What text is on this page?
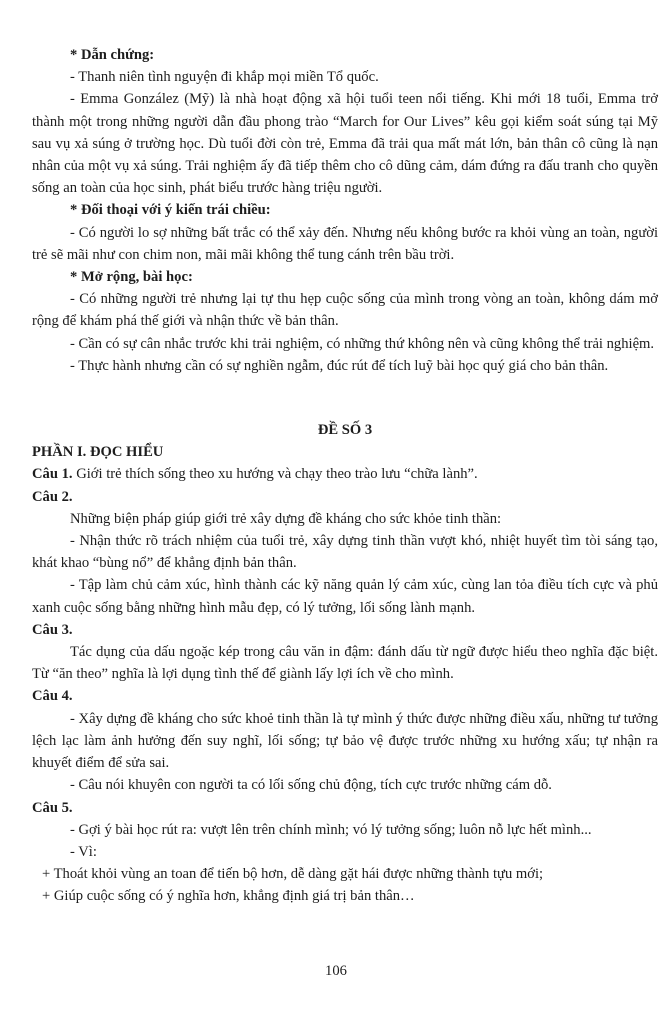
* Dẫn chứng:

- Thanh niên tình nguyện đi khắp mọi miền Tổ quốc.

- Emma González (Mỹ) là nhà hoạt động xã hội tuổi teen nổi tiếng. Khi mới 18 tuổi, Emma trở thành một trong những người dẫn đầu phong trào “March for Our Lives” kêu gọi kiểm soát súng tại Mỹ sau vụ xả súng ở trường học. Dù tuổi đời còn trẻ, Emma đã trải qua mất mát lớn, bản thân cô cũng là nạn nhân của một vụ xả súng. Trải nghiệm ấy đã tiếp thêm cho cô dũng cảm, dám đứng ra đấu tranh cho quyền sống an toàn của học sinh, phát biểu trước hàng triệu người.

* Đối thoại với ý kiến trái chiều:

- Có người lo sợ những bất trắc có thể xảy đến. Nhưng nếu không bước ra khỏi vùng an toàn, người trẻ sẽ mãi như con chim non, mãi mãi không thể tung cánh trên bầu trời.

* Mở rộng, bài học:

- Có những người trẻ nhưng lại tự thu hẹp cuộc sống của mình trong vòng an toàn, không dám mở rộng để khám phá thế giới và nhận thức về bản thân.

- Cần có sự cân nhắc trước khi trải nghiệm, có những thứ không nên và cũng không thể trải nghiệm.

- Thực hành nhưng cần có sự nghiền ngẫm, đúc rút để tích luỹ bài học quý giá cho bản thân.

ĐỀ SỐ 3

PHẦN I. ĐỌC HIỂU

Câu 1. Giới trẻ thích sống theo xu hướng và chạy theo trào lưu “chữa lành”.

Câu 2.

Những biện pháp giúp giới trẻ xây dựng đề kháng cho sức khỏe tinh thần:

- Nhận thức rõ trách nhiệm của tuổi trẻ, xây dựng tinh thần vượt khó, nhiệt huyết tìm tòi sáng tạo, khát khao “bùng nổ” để khẳng định bản thân.

- Tập làm chủ cảm xúc, hình thành các kỹ năng quản lý cảm xúc, cùng lan tỏa điều tích cực và phủ xanh cuộc sống bằng những hình mẫu đẹp, có lý tưởng, lối sống lành mạnh.

Câu 3.

Tác dụng của dấu ngoặc kép trong câu văn in đậm: đánh dấu từ ngữ được hiểu theo nghĩa đặc biệt. Từ “ăn theo” nghĩa là lợi dụng tình thế để giành lấy lợi ích về cho mình.

Câu 4.

- Xây dựng đề kháng cho sức khoẻ tinh thần là tự mình ý thức được những điều xấu, những tư tưởng lệch lạc làm ảnh hưởng đến suy nghĩ, lối sống; tự bảo vệ được trước những xu hướng xấu; tự nhận ra khuyết điểm để sửa sai.

- Câu nói khuyên con người ta có lối sống chủ động, tích cực trước những cám dỗ.

Câu 5.

- Gợi ý bài học rút ra: vượt lên trên chính mình; vó lý tưởng sống; luôn nỗ lực hết mình...

- Vì:

+ Thoát khỏi vùng an toan để tiến bộ hơn, dễ dàng gặt hái được những thành tựu mới;

+ Giúp cuộc sống có ý nghĩa hơn, khẳng định giá trị bản thân…

106
